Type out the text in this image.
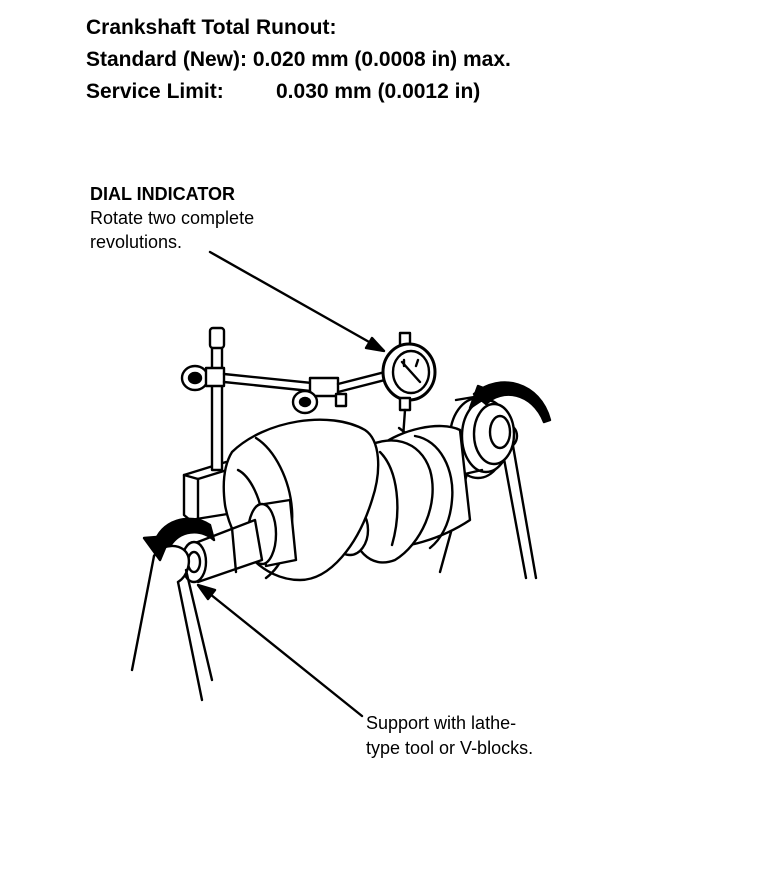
Crankshaft Total Runout:
Standard (New): 0.020 mm (0.0008 in) max.
Service Limit: 0.030 mm (0.0012 in)
DIAL INDICATOR
Rotate two complete
revolutions.
Support with lathe-
type tool or V-blocks.
